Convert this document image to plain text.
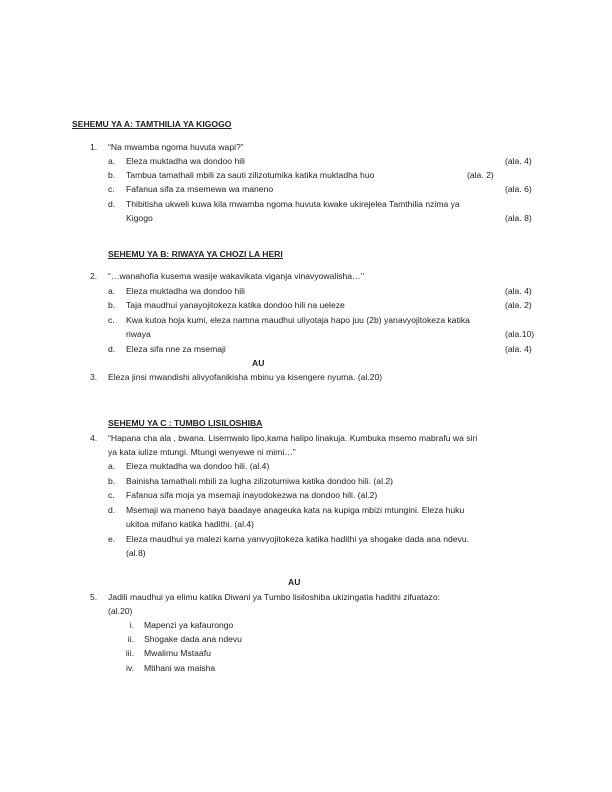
SEHEMU YA A: TAMTHILIA YA KIGOGO
1. “Na mwamba ngoma huvuta wapi?”
a. Eleza muktadha wa dondoo hili	(ala. 4)
b. Tambua tamathali mbili za sauti zilizotumika katika muktadha huo	(ala. 2)
c. Fafanua sifa za msemewa wa maneno	(ala. 6)
d. Thibitisha ukweli kuwa kila mwamba ngoma huvuta kwake ukirejelea Tamthilia nzima ya
Kigogo	(ala. 8)
SEHEMU YA B: RIWAYA YA CHOZI LA HERI
2. “…wanahofia kusema wasije wakavikata viganja vinavyowalisha…’’
a. Eleza muktadha wa dondoo hili	(ala. 4)
b. Taja maudhui yanayojitokeza katika dondoo hili na ueleze	(ala. 2)
c. Kwa kutoa hoja kumi, eleza namna maudhui uliyotaja hapo juu (2b) yanavyojitokeza katika
riwaya	(ala.10)
d. Eleza sifa nne za msemaji	(ala. 4)
AU
3. Eleza jinsi mwandishi alivyofanikisha mbinu ya kisengere nyuma. (al.20)
SEHEMU YA C : TUMBO LISILOSHIBA
4. “Hapana cha ala , bwana. Lisemwalo lipo,kama halipo linakuja. Kumbuka msemo mabrafu wa siri
ya kata iulize mtungi. Mtungi wenyewe ni mimi…”
a. Eleza muktadha wa dondoo hili. (al.4)
b. Bainisha tamathali mbili za lugha zilizotumiwa katika dondoo hili. (al.2)
c. Fafanua sifa moja ya msemaji inayodokezwa na dondoo hili. (al.2)
d. Msemaji wa maneno haya baadaye anageuka kata na kupiga mbizi mtungini. Eleza huku
ukitoa mifano katika hadithi. (al.4)
e. Eleza maudhui ya malezi kama yanvyojitokeza katika hadithi ya shogake dada ana ndevu.
(al.8)
AU
5. Jadili maudhui ya elimu katika Diwani ya Tumbo lisiloshiba ukizingatia hadithi zifuatazo:
(al.20)
i. Mapenzi ya kafaurongo
ii. Shogake dada ana ndevu
iii. Mwalimu Mstaafu
iv. Mtihani wa maisha
